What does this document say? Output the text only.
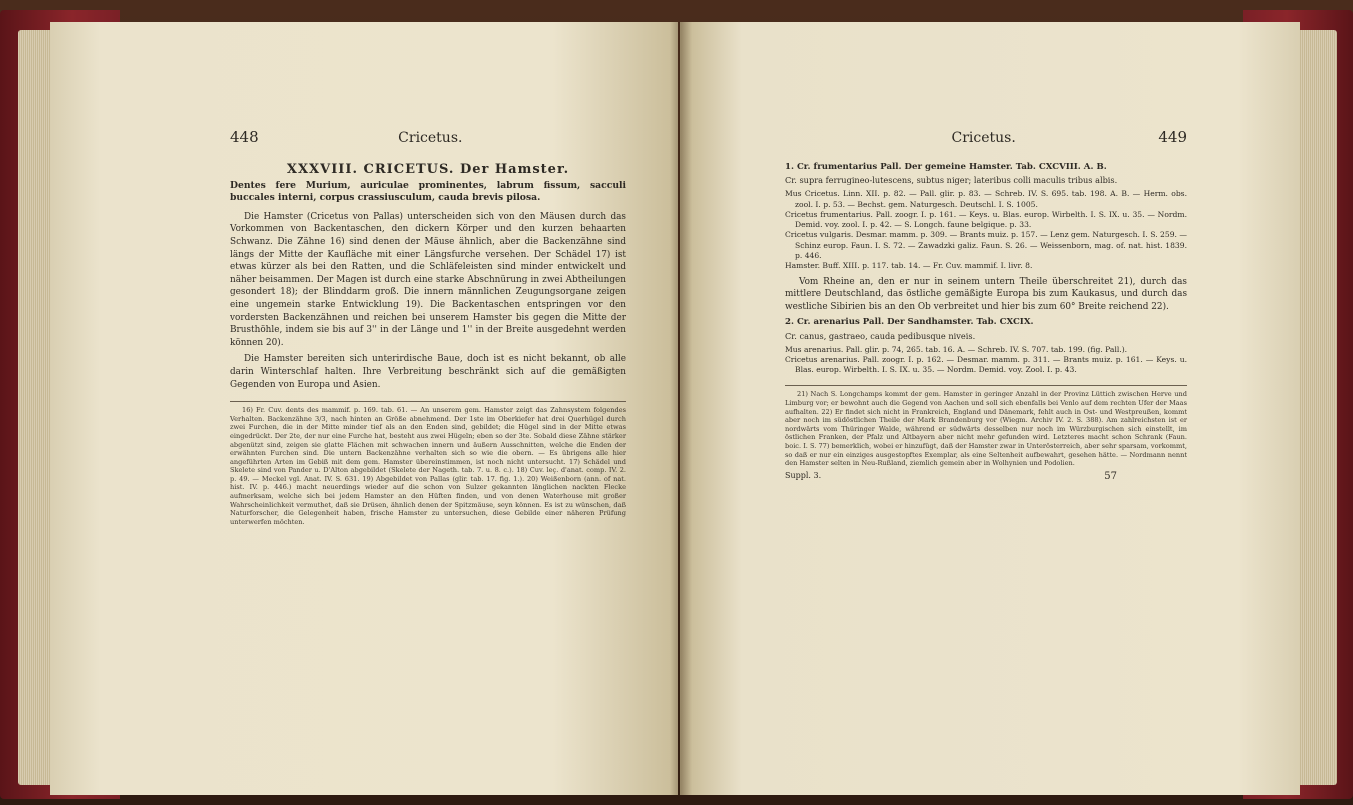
448	Cricetus.

XXXVIII. CRICETUS. Der Hamster.

Dentes fere Murium, auriculae prominentes, labrum fissum, sacculi buccales interni, corpus crassiusculum, cauda brevis pilosa.

Die Hamster (Cricetus von Pallas) unterscheiden sich von den Mäusen durch das Vorkommen von Backentaschen, den dickern Körper und den kurzen behaarten Schwanz. Die Zähne 16) sind denen der Mäuse ähnlich, aber die Backenzähne sind längs der Mitte der Kaufläche mit einer Längsfurche versehen. Der Schädel 17) ist etwas kürzer als bei den Ratten, und die Schläfeleisten sind minder entwickelt und näher beisammen. Der Magen ist durch eine starke Abschnürung in zwei Abtheilungen gesondert 18); der Blinddarm groß. Die innern männlichen Zeugungsorgane zeigen eine ungemein starke Entwicklung 19). Die Backentaschen entspringen vor den vordersten Backenzähnen und reichen bei unserem Hamster bis gegen die Mitte der Brusthöhle, indem sie bis auf 3'' in der Länge und 1'' in der Breite ausgedehnt werden können 20).

Die Hamster bereiten sich unterirdische Baue, doch ist es nicht bekannt, ob alle darin Winterschlaf halten. Ihre Verbreitung beschränkt sich auf die gemäßigten Gegenden von Europa und Asien.

16) Fr. Cuv. dents des mammif. p. 169. tab. 61. — An unserem gem. Hamster zeigt das Zahnsystem folgendes Verhalten. Backenzähne 3/3, nach hinten an Größe abnehmend. Der 1ste im Oberkiefer hat drei Querhügel durch zwei Furchen, die in der Mitte minder tief als an den Enden sind, gebildet; die Hügel sind in der Mitte etwas eingedrückt. Der 2te, der nur eine Furche hat, besteht aus zwei Hügeln; eben so der 3te. Sobald diese Zähne stärker abgenützt sind, zeigen sie glatte Flächen mit schwachen innern und äußern Ausschnitten, welche die Enden der erwähnten Furchen sind. Die untern Backenzähne verhalten sich so wie die obern. — Es übrigens alle hier angeführten Arten im Gebiß mit dem gem. Hamster übereinstimmen, ist noch nicht untersucht. 17) Schädel und Skelete sind von Pander u. D'Alton abgebildet (Skelete der Nageth. tab. 7. u. 8. c.). 18) Cuv. leç. d'anat. comp. IV. 2. p. 49. — Meckel vgl. Anat. IV. S. 631. 19) Abgebildet von Pallas (glir. tab. 17. fig. 1.). 20) Weißenborn (ann. of nat. hist. IV. p. 446.) macht neuerdings wieder auf die schon von Sulzer gekannten länglichen nackten Flecke aufmerksam, welche sich bei jedem Hamster an den Hüften finden, und von denen Waterhouse mit großer Wahrscheinlichkeit vermuthet, daß sie Drüsen, ähnlich denen der Spitzmäuse, seyn können. Es ist zu wünschen, daß Naturforscher, die Gelegenheit haben, frische Hamster zu untersuchen, diese Gebilde einer näheren Prüfung unterwerfen möchten.

Cricetus.	449

1. Cr. frumentarius Pall. Der gemeine Hamster. Tab. CXCVIII. A. B.

Cr. supra ferrugineo-lutescens, subtus niger; lateribus colli maculis tribus albis.

Mus Cricetus. Linn. XII. p. 82. — Pall. glir. p. 83. — Schreb. IV. S. 695. tab. 198. A. B. — Herm. obs. zool. I. p. 53. — Bechst. gem. Naturgesch. Deutschl. I. S. 1005.
Cricetus frumentarius. Pall. zoogr. I. p. 161. — Keys. u. Blas. europ. Wirbelth. I. S. IX. u. 35. — Nordm. Demid. voy. zool. I. p. 42. — S. Longch. faune belgique. p. 33.
Cricetus vulgaris. Desmar. mamm. p. 309. — Brants muiz. p. 157. — Lenz gem. Naturgesch. I. S. 259. — Schinz europ. Faun. I. S. 72. — Zawadzki galiz. Faun. S. 26. — Weissenborn, mag. of. nat. hist. 1839. p. 446.
Hamster. Buff. XIII. p. 117. tab. 14. — Fr. Cuv. mammif. I. livr. 8.

Vom Rheine an, den er nur in seinem untern Theile überschreitet 21), durch das mittlere Deutschland, das östliche gemäßigte Europa bis zum Kaukasus, und durch das westliche Sibirien bis an den Ob verbreitet und hier bis zum 60° Breite reichend 22).

2. Cr. arenarius Pall. Der Sandhamster. Tab. CXCIX.

Cr. canus, gastraeo, cauda pedibusque niveis.

Mus arenarius. Pall. glir. p. 74, 265. tab. 16. A. — Schreb. IV. S. 707. tab. 199. (fig. Pall.).
Cricetus arenarius. Pall. zoogr. I. p. 162. — Desmar. mamm. p. 311. — Brants muiz. p. 161. — Keys. u. Blas. europ. Wirbelth. I. S. IX. u. 35. — Nordm. Demid. voy. Zool. I. p. 43.

21) Nach S. Longchamps kommt der gem. Hamster in geringer Anzahl in der Provinz Lüttich zwischen Herve und Limburg vor; er bewohnt auch die Gegend von Aachen und soll sich ebenfalls bei Venlo auf dem rechten Ufer der Maas aufhalten. 22) Er findet sich nicht in Frankreich, England und Dänemark, fehlt auch in Ost- und Westpreußen, kommt aber noch im südöstlichen Theile der Mark Brandenburg vor (Wiegm. Archiv IV. 2. S. 388). Am zahlreichsten ist er nordwärts vom Thüringer Walde, während er südwärts desselben nur noch im Würzburgischen sich einstellt, im östlichen Franken, der Pfalz und Altbayern aber nicht mehr gefunden wird. Letzteres macht schon Schrank (Faun. boic. I. S. 77) bemerklich, wobei er hinzufügt, daß der Hamster zwar in Unterösterreich, aber sehr sparsam, vorkommt, so daß er nur ein einziges ausgestopftes Exemplar, als eine Seltenheit aufbewahrt, gesehen hätte. — Nordmann nennt den Hamster selten in Neu-Rußland, ziemlich gemein aber in Wolhynien und Podolien.

Suppl. 3.	57
